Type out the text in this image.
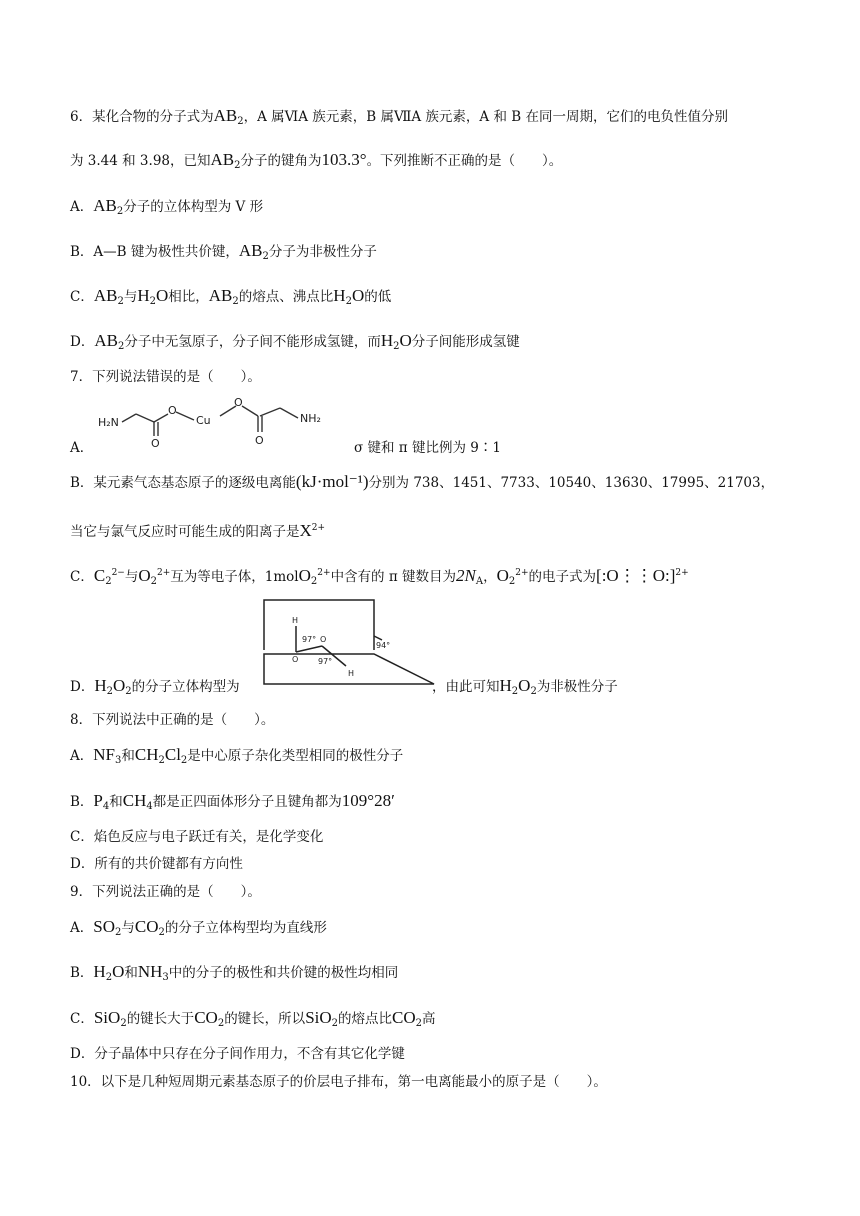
6．某化合物的分子式为$AB_2$，A 属ⅥA 族元素，B 属ⅦA 族元素，A 和 B 在同一周期，它们的电负性值分别
为 3.44 和 3.98，已知$AB_2$分子的键角为103.3°。下列推断不正确的是（　　）。
A．$AB_2$分子的立体构型为 V 形
B．A—B 键为极性共价键，$AB_2$分子为非极性分子
C．$AB_2$与$H_2O$相比，$AB_2$的熔点、沸点比$H_2O$的低
D．$AB_2$分子中无氢原子，分子间不能形成氢键，而$H_2O$分子间能形成氢键
7．下列说法错误的是（　　）。
H₂N
O
Cu
O
NH₂
O	O
A．	σ 键和 π 键比例为 9∶1
B．某元素气态基态原子的逐级电离能(kJ·mol⁻¹)分别为 738、1451、7733、10540、13630、17995、21703，
当它与氯气反应时可能生成的阳离子是$X^{2+}$
C．$C_2^{2-}$与$O_2^{2+}$互为等电子体，1molO$_2^{2+}$中含有的 π 键数目为$2N_A$，$O_2^{2+}$的电子式为[:O⋮⋮O:]$^{2+}$
H
97°
O
O
97°
H
94°
D．$H_2O_2$的分子立体构型为	，由此可知$H_2O_2$为非极性分子
8．下列说法中正确的是（　　）。
A．$NF_3$和$CH_2Cl_2$是中心原子杂化类型相同的极性分子
B．$P_4$和$CH_4$都是正四面体形分子且键角都为109°28′
C．焰色反应与电子跃迁有关，是化学变化
D．所有的共价键都有方向性
9．下列说法正确的是（　　）。
A．$SO_2$与$CO_2$的分子立体构型均为直线形
B．$H_2O$和$NH_3$中的分子的极性和共价键的极性均相同
C．SiO$_2$的键长大于$CO_2$的键长，所以SiO$_2$的熔点比$CO_2$高
D．分子晶体中只存在分子间作用力，不含有其它化学键
10．以下是几种短周期元素基态原子的价层电子排布，第一电离能最小的原子是（　　）。
